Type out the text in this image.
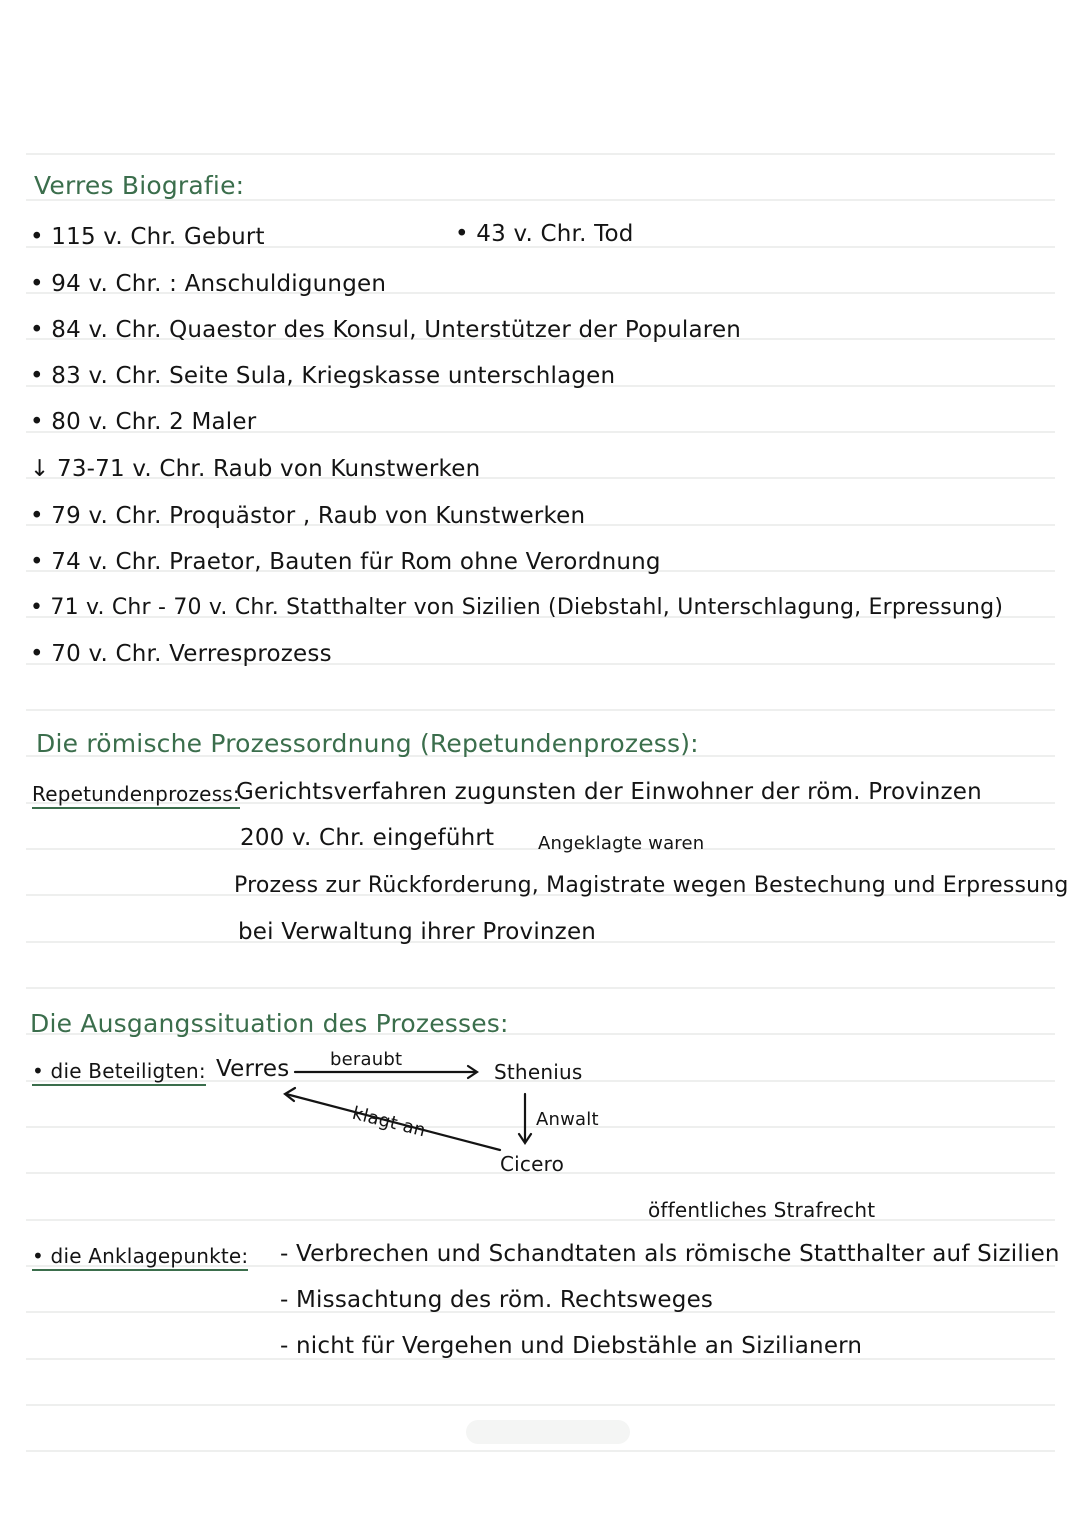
Verres Biografie:
• 115 v. Chr. Geburt	• 43 v. Chr. Tod
• 94 v. Chr. : Anschuldigungen
• 84 v. Chr. Quaestor des Konsul, Unterstützer der Popularen
• 83 v. Chr. Seite Sula, Kriegskasse unterschlagen
• 80 v. Chr. 2 Maler
↓ 73-71 v. Chr. Raub von Kunstwerken
• 79 v. Chr. Proquästor , Raub von Kunstwerken
• 74 v. Chr. Praetor, Bauten für Rom ohne Verordnung
• 71 v. Chr - 70 v. Chr. Statthalter von Sizilien (Diebstahl, Unterschlagung, Erpressung)
• 70 v. Chr. Verresprozess
Die römische Prozessordnung (Repetundenprozess):
Repetundenprozess:
Gerichtsverfahren zugunsten der Einwohner der röm. Provinzen
200 v. Chr. eingeführt Angeklagte waren
Prozess zur Rückforderung, Magistrate wegen Bestechung und Erpressung
bei Verwaltung ihrer Provinzen
Die Ausgangssituation des Prozesses:
• die Beteiligten: Verres	Sthenius
Cicero
beraubt
Anwalt
klagt an
öffentliches Strafrecht
• die Anklagepunkte: - Verbrechen und Schandtaten als römische Statthalter auf Sizilien
- Missachtung des röm. Rechtsweges
- nicht für Vergehen und Diebstähle an Sizilianern
